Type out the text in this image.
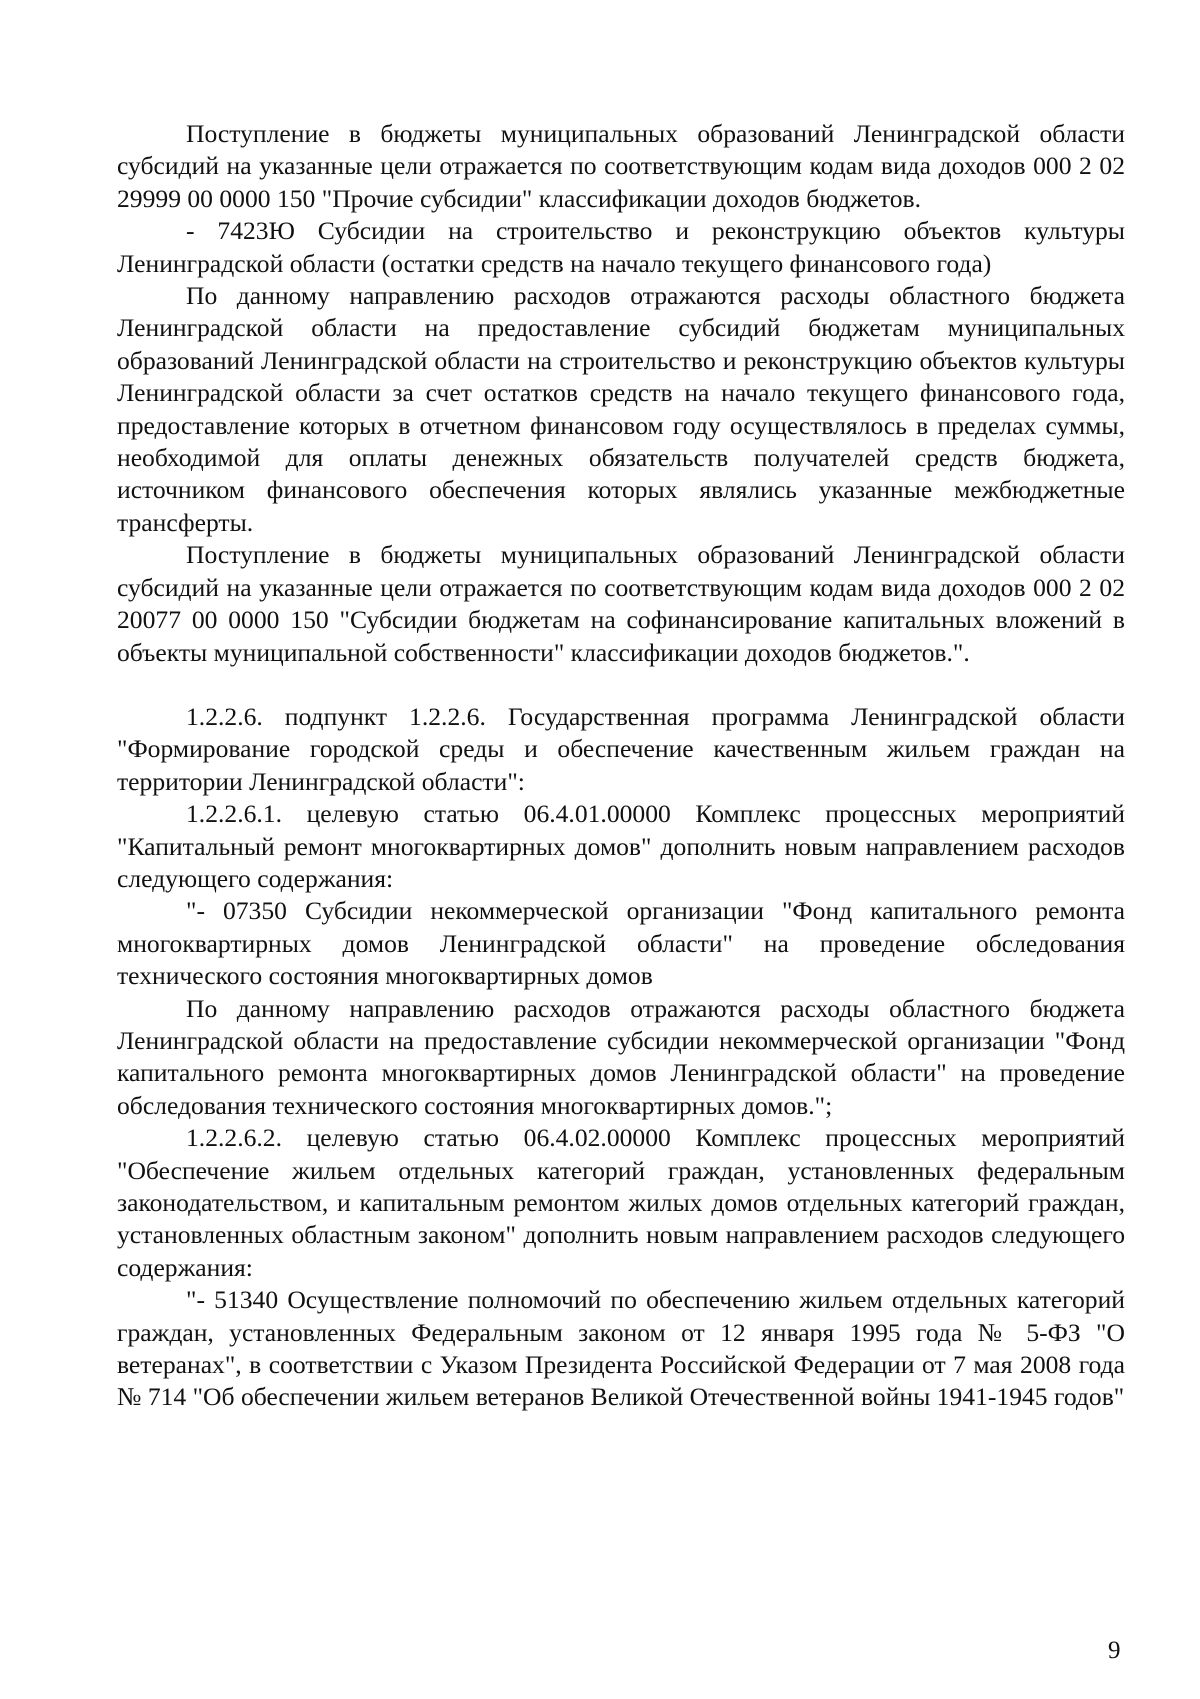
Поступление в бюджеты муниципальных образований Ленинградской области субсидий на указанные цели отражается по соответствующим кодам вида доходов 000 2 02 29999 00 0000 150 "Прочие субсидии" классификации доходов бюджетов.

- 7423Ю Субсидии на строительство и реконструкцию объектов культуры Ленинградской области (остатки средств на начало текущего финансового года)

По данному направлению расходов отражаются расходы областного бюджета Ленинградской области на предоставление субсидий бюджетам муниципальных образований Ленинградской области на строительство и реконструкцию объектов культуры Ленинградской области за счет остатков средств на начало текущего финансового года, предоставление которых в отчетном финансовом году осуществлялось в пределах суммы, необходимой для оплаты денежных обязательств получателей средств бюджета, источником финансового обеспечения которых являлись указанные межбюджетные трансферты.

Поступление в бюджеты муниципальных образований Ленинградской области субсидий на указанные цели отражается по соответствующим кодам вида доходов 000 2 02 20077 00 0000 150 "Субсидии бюджетам на софинансирование капитальных вложений в объекты муниципальной собственности" классификации доходов бюджетов.".

1.2.2.6. подпункт 1.2.2.6. Государственная программа Ленинградской области "Формирование городской среды и обеспечение качественным жильем граждан на территории Ленинградской области":

1.2.2.6.1. целевую статью 06.4.01.00000 Комплекс процессных мероприятий "Капитальный ремонт многоквартирных домов" дополнить новым направлением расходов следующего содержания:

"- 07350 Субсидии некоммерческой организации "Фонд капитального ремонта многоквартирных домов Ленинградской области" на проведение обследования технического состояния многоквартирных домов

По данному направлению расходов отражаются расходы областного бюджета Ленинградской области на предоставление субсидии некоммерческой организации "Фонд капитального ремонта многоквартирных домов Ленинградской области" на проведение обследования технического состояния многоквартирных домов.";

1.2.2.6.2. целевую статью 06.4.02.00000 Комплекс процессных мероприятий "Обеспечение жильем отдельных категорий граждан, установленных федеральным законодательством, и капитальным ремонтом жилых домов отдельных категорий граждан, установленных областным законом" дополнить новым направлением расходов следующего содержания:

"- 51340 Осуществление полномочий по обеспечению жильем отдельных категорий граждан, установленных Федеральным законом от 12 января 1995 года № 5-ФЗ "О ветеранах", в соответствии с Указом Президента Российской Федерации от 7 мая 2008 года № 714 "Об обеспечении жильем ветеранов Великой Отечественной войны 1941-1945 годов"

9
